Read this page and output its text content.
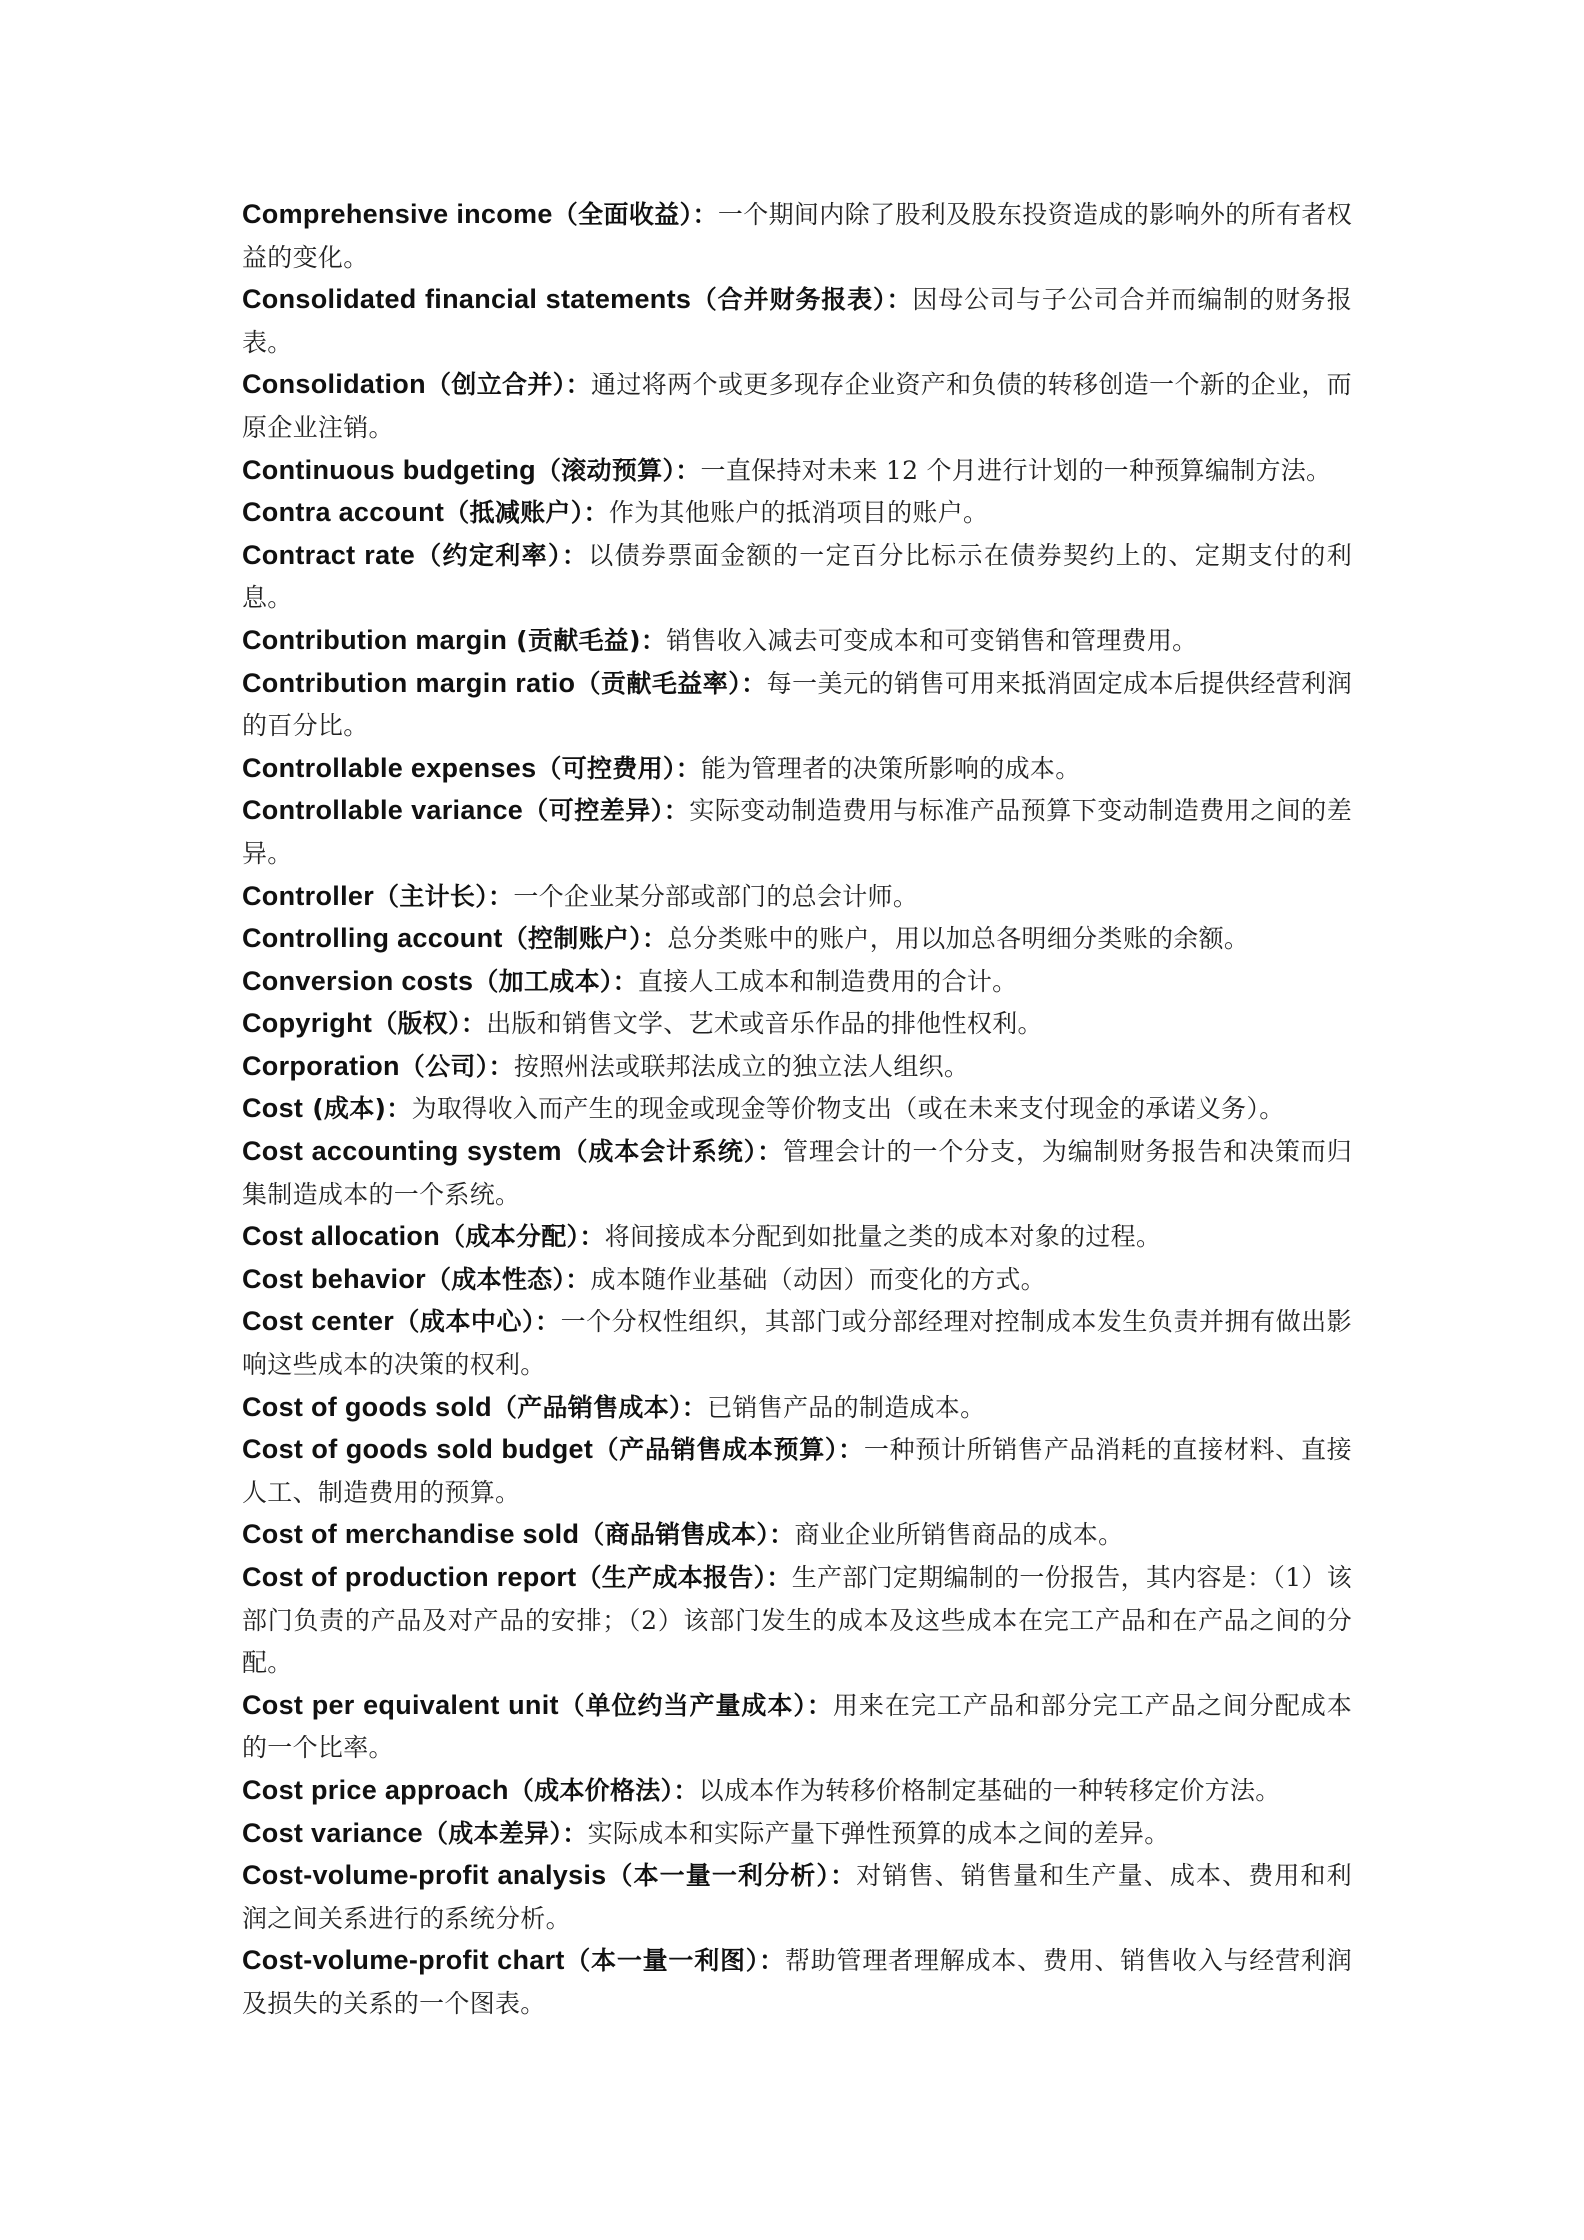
Comprehensive income（全面收益）：一个期间内除了股利及股东投资造成的影响外的所有者权益的变化。

Consolidated financial statements（合并财务报表）：因母公司与子公司合并而编制的财务报表。

Consolidation（创立合并）：通过将两个或更多现存企业资产和负债的转移创造一个新的企业，而原企业注销。

Continuous budgeting（滚动预算）：一直保持对未来 12 个月进行计划的一种预算编制方法。

Contra account（抵减账户）：作为其他账户的抵消项目的账户。

Contract rate（约定利率）：以债券票面金额的一定百分比标示在债券契约上的、定期支付的利息。

Contribution margin (贡献毛益)：销售收入减去可变成本和可变销售和管理费用。

Contribution margin ratio（贡献毛益率）：每一美元的销售可用来抵消固定成本后提供经营利润的百分比。

Controllable expenses（可控费用）：能为管理者的决策所影响的成本。

Controllable variance（可控差异）：实际变动制造费用与标准产品预算下变动制造费用之间的差异。

Controller（主计长）：一个企业某分部或部门的总会计师。

Controlling account（控制账户）：总分类账中的账户，用以加总各明细分类账的余额。

Conversion costs（加工成本）：直接人工成本和制造费用的合计。

Copyright（版权）：出版和销售文学、艺术或音乐作品的排他性权利。

Corporation（公司）：按照州法或联邦法成立的独立法人组织。

Cost (成本)：为取得收入而产生的现金或现金等价物支出（或在未来支付现金的承诺义务）。

Cost accounting system（成本会计系统）：管理会计的一个分支，为编制财务报告和决策而归集制造成本的一个系统。

Cost allocation（成本分配）：将间接成本分配到如批量之类的成本对象的过程。

Cost behavior（成本性态）：成本随作业基础（动因）而变化的方式。

Cost center（成本中心）：一个分权性组织，其部门或分部经理对控制成本发生负责并拥有做出影响这些成本的决策的权利。

Cost of goods sold（产品销售成本）：已销售产品的制造成本。

Cost of goods sold budget（产品销售成本预算）：一种预计所销售产品消耗的直接材料、直接人工、制造费用的预算。

Cost of merchandise sold（商品销售成本）：商业企业所销售商品的成本。

Cost of production report（生产成本报告）：生产部门定期编制的一份报告，其内容是：（1）该部门负责的产品及对产品的安排；（2）该部门发生的成本及这些成本在完工产品和在产品之间的分配。

Cost per equivalent unit（单位约当产量成本）：用来在完工产品和部分完工产品之间分配成本的一个比率。

Cost price approach（成本价格法）：以成本作为转移价格制定基础的一种转移定价方法。

Cost variance（成本差异）：实际成本和实际产量下弹性预算的成本之间的差异。

Cost-volume-profit analysis（本一量一利分析）：对销售、销售量和生产量、成本、费用和利润之间关系进行的系统分析。

Cost-volume-profit chart（本一量一利图）：帮助管理者理解成本、费用、销售收入与经营利润及损失的关系的一个图表。
